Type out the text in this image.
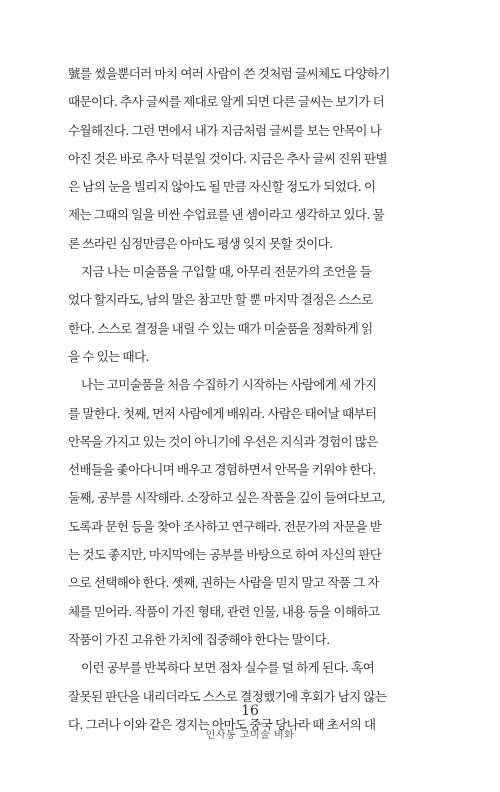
號를 썼을뿐더러 마치 여러 사람이 쓴 것처럼 글씨체도 다양하기

때문이다. 추사 글씨를 제대로 알게 되면 다른 글씨는 보기가 더

수월해진다. 그런 면에서 내가 지금처럼 글씨를 보는 안목이 나

아진 것은 바로 추사 덕분일 것이다. 지금은 추사 글씨 진위 판별

은 남의 눈을 빌리지 않아도 될 만큼 자신할 정도가 되었다. 이

제는 그때의 일을 비싼 수업료를 낸 셈이라고 생각하고 있다. 물

론 쓰라린 심정만큼은 아마도 평생 잊지 못할 것이다.

지금 나는 미술품을 구입할 때, 아무리 전문가의 조언을 들

었다 할지라도, 남의 말은 참고만 할 뿐 마지막 결정은 스스로

한다. 스스로 결정을 내릴 수 있는 때가 미술품을 정확하게 읽

을 수 있는 때다.

나는 고미술품을 처음 수집하기 시작하는 사람에게 세 가지

를 말한다. 첫째, 먼저 사람에게 배워라. 사람은 태어날 때부터

안목을 가지고 있는 것이 아니기에 우선은 지식과 경험이 많은

선배들을 좇아다니며 배우고 경험하면서 안목을 키워야 한다.

둘째, 공부를 시작해라. 소장하고 싶은 작품을 깊이 들여다보고,

도록과 문헌 등을 찾아 조사하고 연구해라. 전문가의 자문을 받

는 것도 좋지만, 마지막에는 공부를 바탕으로 하여 자신의 판단

으로 선택해야 한다. 셋째, 권하는 사람을 믿지 말고 작품 그 자

체를 믿어라. 작품이 가진 형태, 관련 인물, 내용 등을 이해하고

작품이 가진 고유한 가치에 집중해야 한다는 말이다.

이런 공부를 반복하다 보면 점차 실수를 덜 하게 된다. 혹여

잘못된 판단을 내리더라도 스스로 결정했기에 후회가 남지 않는

다. 그러나 이와 같은 경지는 아마도 중국 당나라 때 초서의 대

16
인사동 고미술 비화
